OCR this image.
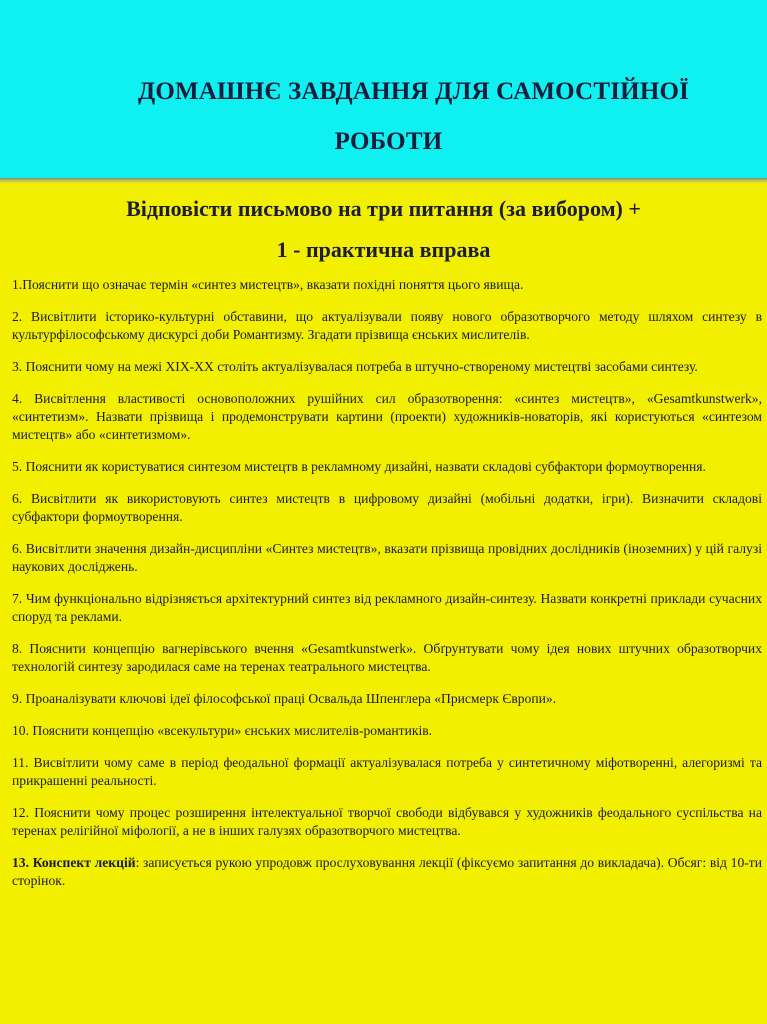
ДОМАШНЄ ЗАВДАННЯ ДЛЯ САМОСТІЙНОЇ
РОБОТИ
Відповісти письмово на три питання (за вибором) +
1 - практична вправа

1.Пояснити що означає термін «синтез мистецтв», вказати похідні поняття цього явища.

2. Висвітлити історико-культурні обставини, що актуалізували появу нового образотворчого методу шляхом синтезу в культурфілософському дискурсі доби Романтизму. Згадати прізвища єнських мислителів.

3. Пояснити чому на межі XIX-XX століть актуалізувалася потреба в штучно-створеному мистецтві засобами синтезу.

4. Висвітлення властивості основоположних рушійних сил образотворення: «синтез мистецтв», «Gesamtkunstwerk», «синтетизм». Назвати прізвища і продемонструвати картини (проекти) художників-новаторів, які користуються «синтезом мистецтв» або «синтетизмом».

5. Пояснити як користуватися синтезом мистецтв в рекламному дизайні, назвати складові субфактори формоутворення.

6. Висвітлити як використовують синтез мистецтв в цифровому дизайні (мобільні додатки, ігри). Визначити складові субфактори формоутворення.

6. Висвітлити значення дизайн-дисципліни «Синтез мистецтв», вказати прізвища провідних дослідників (іноземних) у цій галузі наукових досліджень.

7. Чим функціонально відрізняється архітектурний синтез від рекламного дизайн-синтезу. Назвати конкретні приклади сучасних споруд та реклами.

8. Пояснити концепцію вагнерівського вчення «Gesamtkunstwerk». Обґрунтувати чому ідея нових штучних образотворчих технологій синтезу зародилася саме на теренах театрального мистецтва.

9. Проаналізувати ключові ідеї філософської праці Освальда Шпенглера «Присмерк Європи».

10. Пояснити концепцію «всекультури» єнських мислителів-романтиків.

11. Висвітлити чому саме в період феодальної формації актуалізувалася потреба у синтетичному міфотворенні, алегоризмі та прикрашенні реальності.

12. Пояснити чому процес розширення інтелектуальної творчої свободи відбувався у художників феодального суспільства на теренах релігійної міфології, а не в інших галузях образотворчого мистецтва.

13. Конспект лекцій: записується рукою упродовж прослуховування лекції (фіксуємо запитання до викладача). Обсяг: від 10-ти сторінок.
